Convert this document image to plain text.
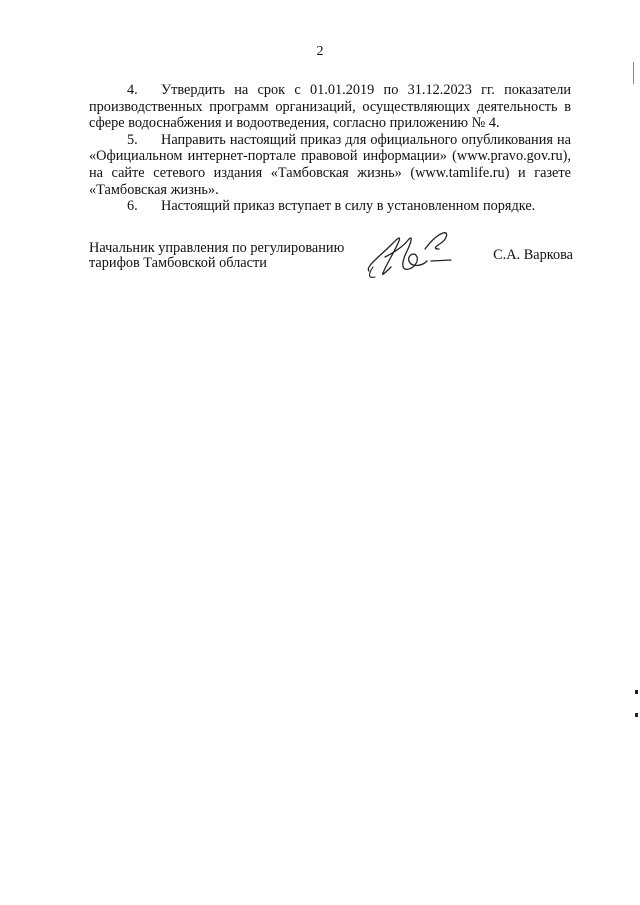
2

4. Утвердить на срок с 01.01.2019 по 31.12.2023 гг. показатели производственных программ организаций, осуществляющих деятельность в сфере водоснабжения и водоотведения, согласно приложению № 4.

5. Направить настоящий приказ для официального опубликования на «Официальном интернет-портале правовой информации» (www.pravo.gov.ru), на сайте сетевого издания «Тамбовская жизнь» (www.tamlife.ru) и газете «Тамбовская жизнь».

6. Настоящий приказ вступает в силу в установленном порядке.

Начальник управления по регулированию
тарифов Тамбовской области	С.А. Варкова
